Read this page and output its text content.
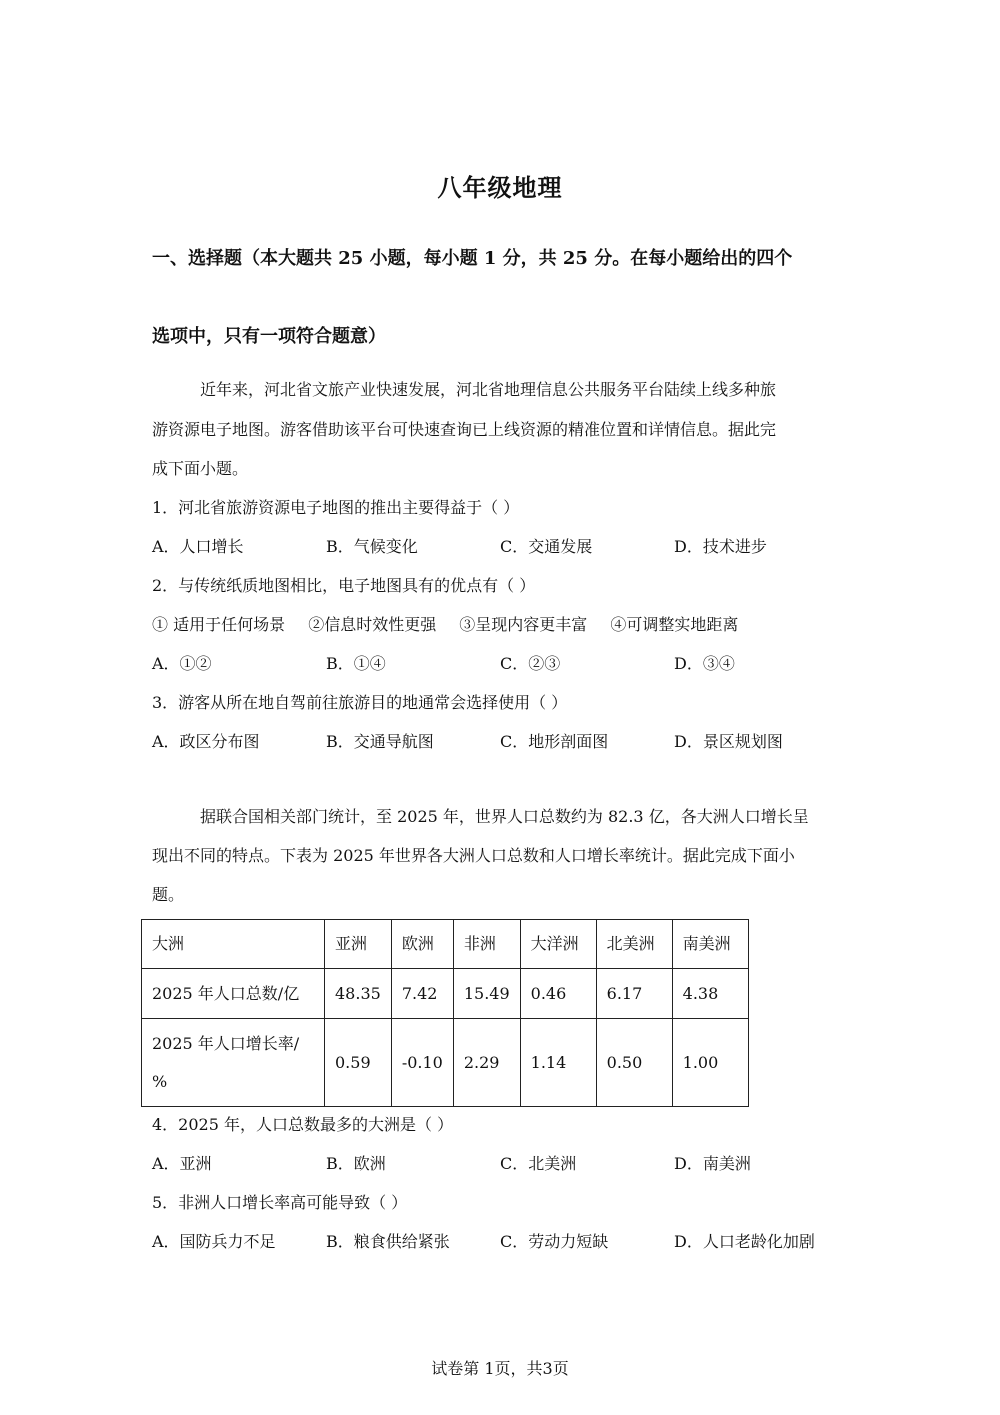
八年级地理
一、选择题（本大题共 25 小题，每小题 1 分，共 25 分。在每小题给出的四个
选项中，只有一项符合题意）
近年来，河北省文旅产业快速发展，河北省地理信息公共服务平台陆续上线多种旅
游资源电子地图。游客借助该平台可快速查询已上线资源的精准位置和详情信息。据此完
成下面小题。
1．河北省旅游资源电子地图的推出主要得益于（ ）
A．人口增长	B．气候变化	C．交通发展	D．技术进步
2．与传统纸质地图相比，电子地图具有的优点有（ ）
① 适用于任何场景 ②信息时效性更强 ③呈现内容更丰富 ④可调整实地距离
A．①②	B．①④	C．②③	D．③④
3．游客从所在地自驾前往旅游目的地通常会选择使用（ ）
A．政区分布图	B．交通导航图	C．地形剖面图	D．景区规划图
据联合国相关部门统计，至 2025 年，世界人口总数约为 82.3 亿，各大洲人口增长呈
现出不同的特点。下表为 2025 年世界各大洲人口总数和人口增长率统计。据此完成下面小
题。
大洲	亚洲	欧洲	非洲	大洋洲	北美洲	南美洲
2025 年人口总数/亿	48.35	7.42	15.49	0.46	6.17	4.38

2025 年人口增长率/
%	0.59	-0.10	2.29	1.14	0.50	1.00
4．2025 年，人口总数最多的大洲是（ ）
A．亚洲	B．欧洲	C．北美洲	D．南美洲
5．非洲人口增长率高可能导致（ ）
A．国防兵力不足	B．粮食供给紧张	C．劳动力短缺	D．人口老龄化加剧
试卷第 1页，共3页
